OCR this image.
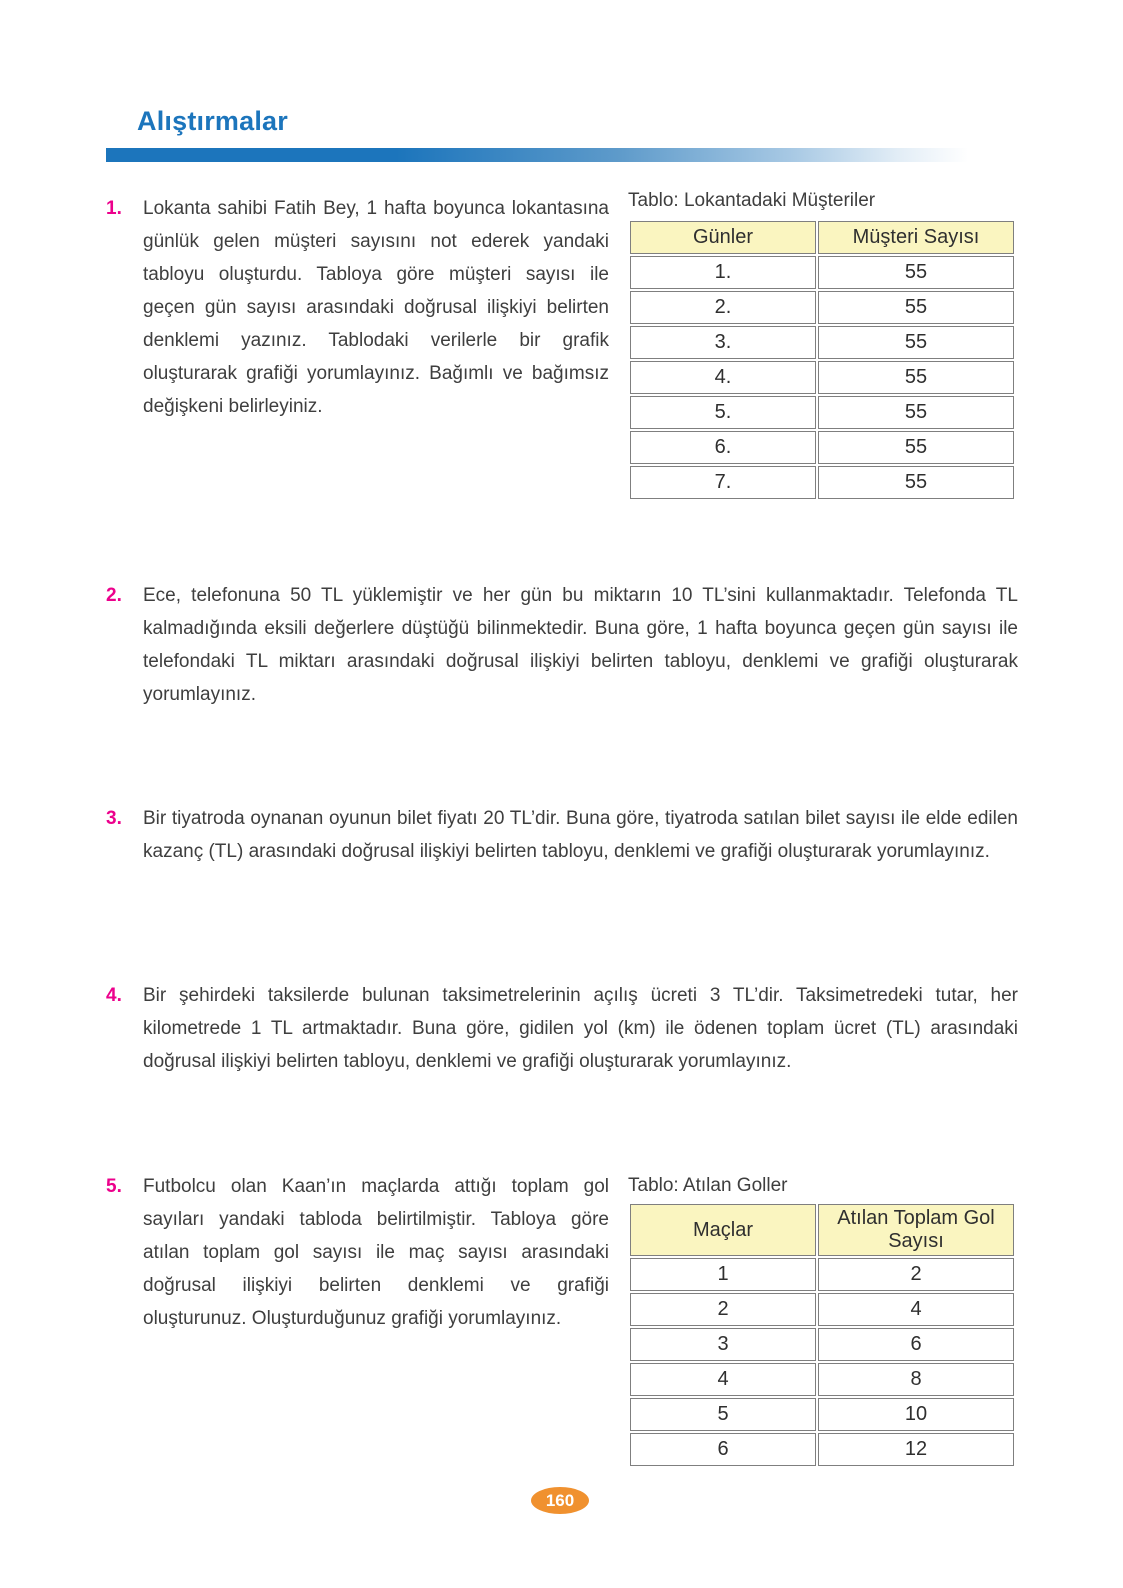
Alıştırmalar
1.	Lokanta sahibi Fatih Bey, 1 hafta boyunca lokantasına günlük gelen müşteri sayısını not ederek yandaki tabloyu oluşturdu. Tabloya göre müşteri sayısı ile geçen gün sayısı arasındaki doğrusal ilişkiyi belirten denklemi yazınız. Tablodaki verilerle bir grafik oluşturarak grafiği yorumlayınız. Bağımlı ve bağımsız değişkeni belirleyiniz.

Tablo: Lokantadaki Müşteriler
Günler	Müşteri Sayısı
1.	55
2.	55
3.	55
4.	55
5.	55
6.	55
7.	55
2.	Ece, telefonuna 50 TL yüklemiştir ve her gün bu miktarın 10 TL’sini kullanmaktadır. Telefonda TL kalmadığında eksili değerlere düştüğü bilinmektedir. Buna göre, 1 hafta boyunca geçen gün sayısı ile telefondaki TL miktarı arasındaki doğrusal ilişkiyi belirten tabloyu, denklemi ve grafiği oluşturarak yorumlayınız.

3.	Bir tiyatroda oynanan oyunun bilet fiyatı 20 TL’dir. Buna göre, tiyatroda satılan bilet sayısı ile elde edilen kazanç (TL) arasındaki doğrusal ilişkiyi belirten tabloyu, denklemi ve grafiği oluşturarak yorumlayınız.

4.	Bir şehirdeki taksilerde bulunan taksimetrelerinin açılış ücreti 3 TL’dir. Taksimetredeki tutar, her kilometrede 1 TL artmaktadır. Buna göre, gidilen yol (km) ile ödenen toplam ücret (TL) arasındaki doğrusal ilişkiyi belirten tabloyu, denklemi ve grafiği oluşturarak yorumlayınız.

5.	Futbolcu olan Kaan’ın maçlarda attığı toplam gol sayıları yandaki tabloda belirtilmiştir. Tabloya göre atılan toplam gol sayısı ile maç sayısı arasındaki doğrusal ilişkiyi belirten denklemi ve grafiği oluşturunuz. Oluşturduğunuz grafiği yorumlayınız.

Tablo: Atılan Goller
Maçlar	Atılan Toplam Gol Sayısı
1	2
2	4
3	6
4	8
5	10
6	12
160
